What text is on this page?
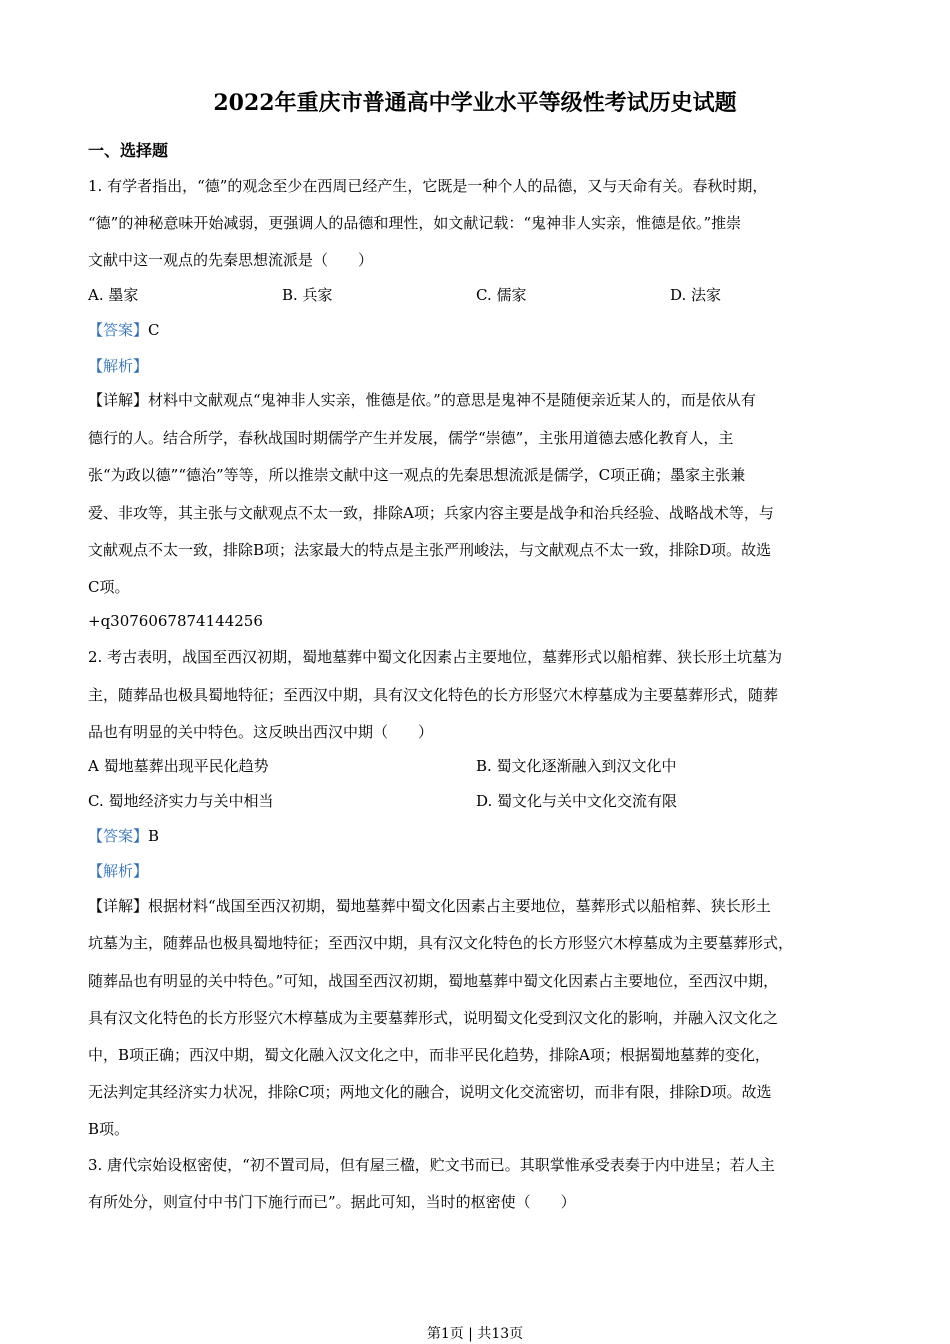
2022年重庆市普通高中学业水平等级性考试历史试题
一、选择题
1. 有学者指出，“德”的观念至少在西周已经产生，它既是一种个人的品德，又与天命有关。春秋时期，
“德”的神秘意味开始减弱，更强调人的品德和理性，如文献记载：“鬼神非人实亲，惟德是依。”推崇
文献中这一观点的先秦思想流派是（　　）
A. 墨家	B. 兵家	C. 儒家	D. 法家
【答案】C
【解析】
【详解】材料中文献观点“鬼神非人实亲，惟德是依。”的意思是鬼神不是随便亲近某人的，而是依从有
德行的人。结合所学，春秋战国时期儒学产生并发展，儒学“崇德”，主张用道德去感化教育人，主
张“为政以德”“德治”等等，所以推崇文献中这一观点的先秦思想流派是儒学，C项正确；墨家主张兼
爱、非攻等，其主张与文献观点不太一致，排除A项；兵家内容主要是战争和治兵经验、战略战术等，与
文献观点不太一致，排除B项；法家最大的特点是主张严刑峻法，与文献观点不太一致，排除D项。故选
C项。
+q3076067874144256
2. 考古表明，战国至西汉初期，蜀地墓葬中蜀文化因素占主要地位，墓葬形式以船棺葬、狭长形土坑墓为
主，随葬品也极具蜀地特征；至西汉中期，具有汉文化特色的长方形竖穴木椁墓成为主要墓葬形式，随葬
品也有明显的关中特色。这反映出西汉中期（　　）
A 蜀地墓葬出现平民化趋势	B. 蜀文化逐渐融入到汉文化中
C. 蜀地经济实力与关中相当	D. 蜀文化与关中文化交流有限
【答案】B
【解析】
【详解】根据材料“战国至西汉初期，蜀地墓葬中蜀文化因素占主要地位，墓葬形式以船棺葬、狭长形土
坑墓为主，随葬品也极具蜀地特征；至西汉中期，具有汉文化特色的长方形竖穴木椁墓成为主要墓葬形式，
随葬品也有明显的关中特色。”可知，战国至西汉初期，蜀地墓葬中蜀文化因素占主要地位，至西汉中期，
具有汉文化特色的长方形竖穴木椁墓成为主要墓葬形式，说明蜀文化受到汉文化的影响，并融入汉文化之
中，B项正确；西汉中期，蜀文化融入汉文化之中，而非平民化趋势，排除A项；根据蜀地墓葬的变化，
无法判定其经济实力状况，排除C项；两地文化的融合，说明文化交流密切，而非有限，排除D项。故选
B项。
3. 唐代宗始设枢密使，“初不置司局，但有屋三楹，贮文书而已。其职掌惟承受表奏于内中进呈；若人主
有所处分，则宣付中书门下施行而已”。据此可知，当时的枢密使（　　）
第1页 | 共13页
